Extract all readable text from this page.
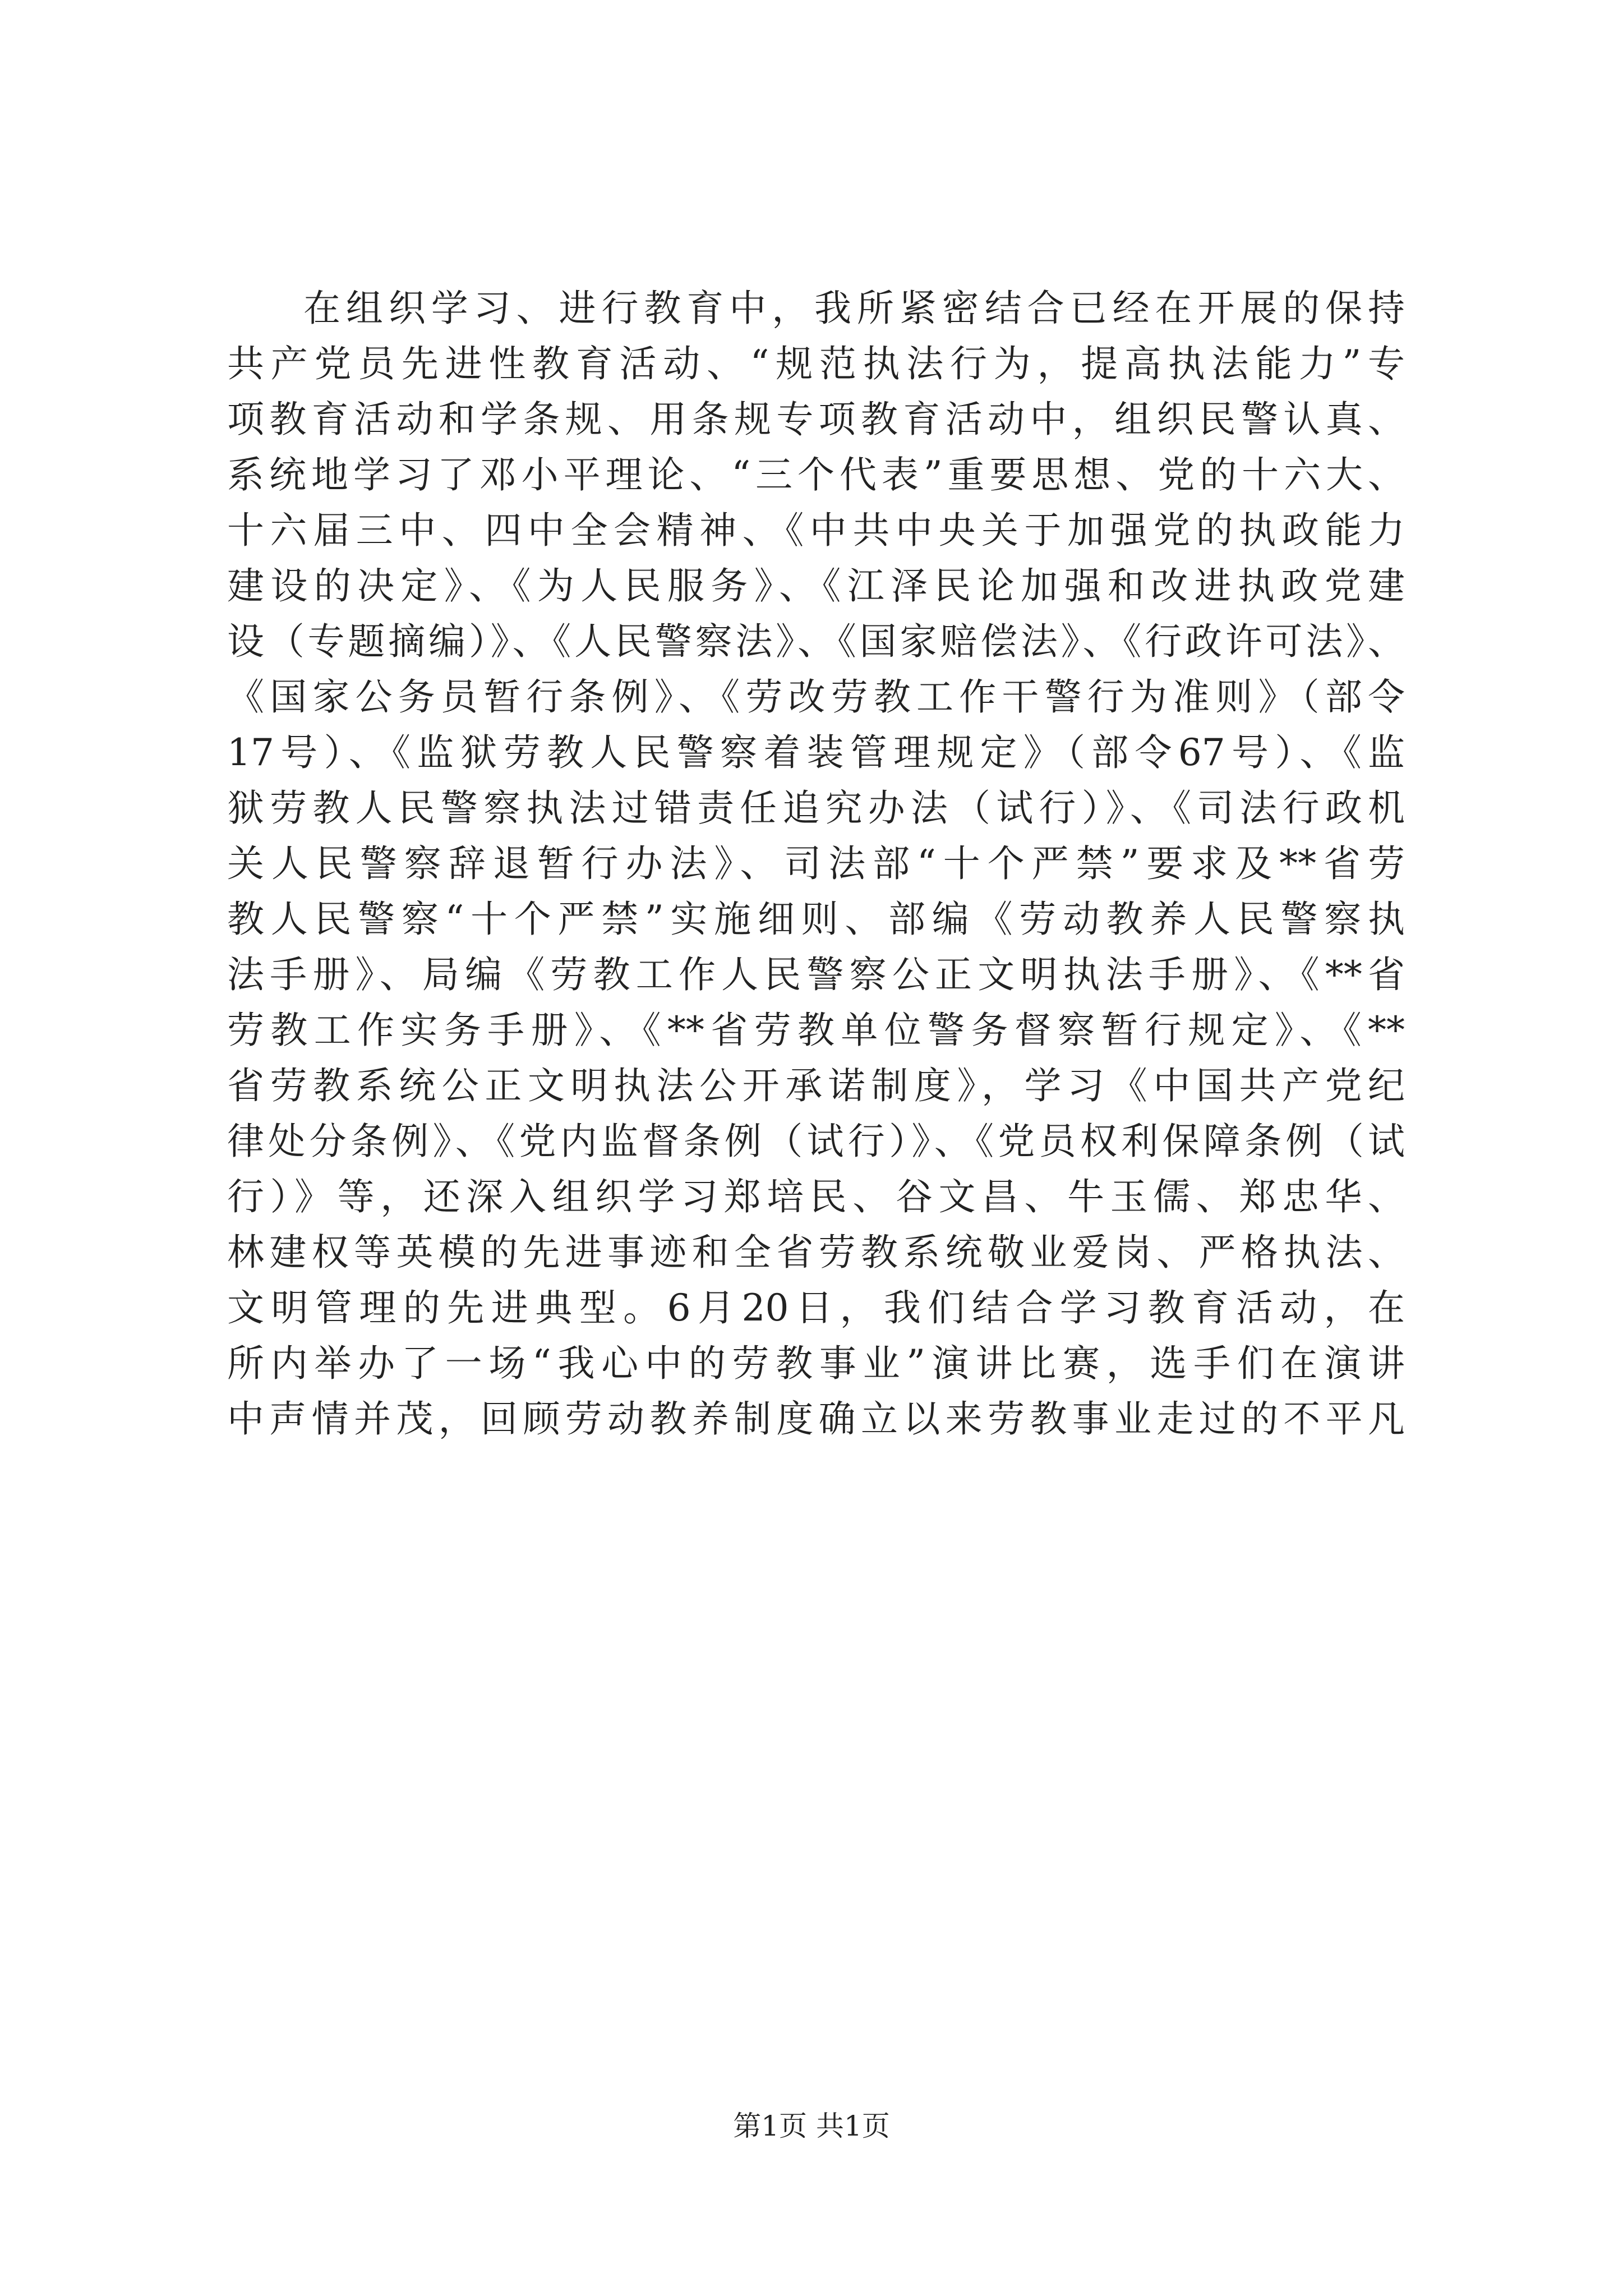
在组织学习、进行教育中，我所紧密结合已经在开展的保持
共产党员先进性教育活动、“规范执法行为，提高执法能力”专
项教育活动和学条规、用条规专项教育活动中，组织民警认真、
系统地学习了邓小平理论、“三个代表”重要思想、党的十六大、
十六届三中、四中全会精神、《中共中央关于加强党的执政能力
建设的决定》、《为人民服务》、《江泽民论加强和改进执政党建
设（专题摘编）》、《人民警察法》、《国家赔偿法》、《行政许可法》、
《国家公务员暂行条例》、《劳改劳教工作干警行为准则》（部令
17号）、《监狱劳教人民警察着装管理规定》（部令67号）、《监
狱劳教人民警察执法过错责任追究办法（试行）》、《司法行政机
关人民警察辞退暂行办法》、司法部“十个严禁”要求及**省劳
教人民警察“十个严禁”实施细则、部编《劳动教养人民警察执
法手册》、局编《劳教工作人民警察公正文明执法手册》、《**省
劳教工作实务手册》、《**省劳教单位警务督察暂行规定》、《**
省劳教系统公正文明执法公开承诺制度》，学习《中国共产党纪
律处分条例》、《党内监督条例（试行）》、《党员权利保障条例（试
行）》等，还深入组织学习郑培民、谷文昌、牛玉儒、郑忠华、
林建权等英模的先进事迹和全省劳教系统敬业爱岗、严格执法、
文明管理的先进典型。6月20日，我们结合学习教育活动，在
所内举办了一场“我心中的劳教事业”演讲比赛，选手们在演讲
中声情并茂，回顾劳动教养制度确立以来劳教事业走过的不平凡
第1页 共1页
